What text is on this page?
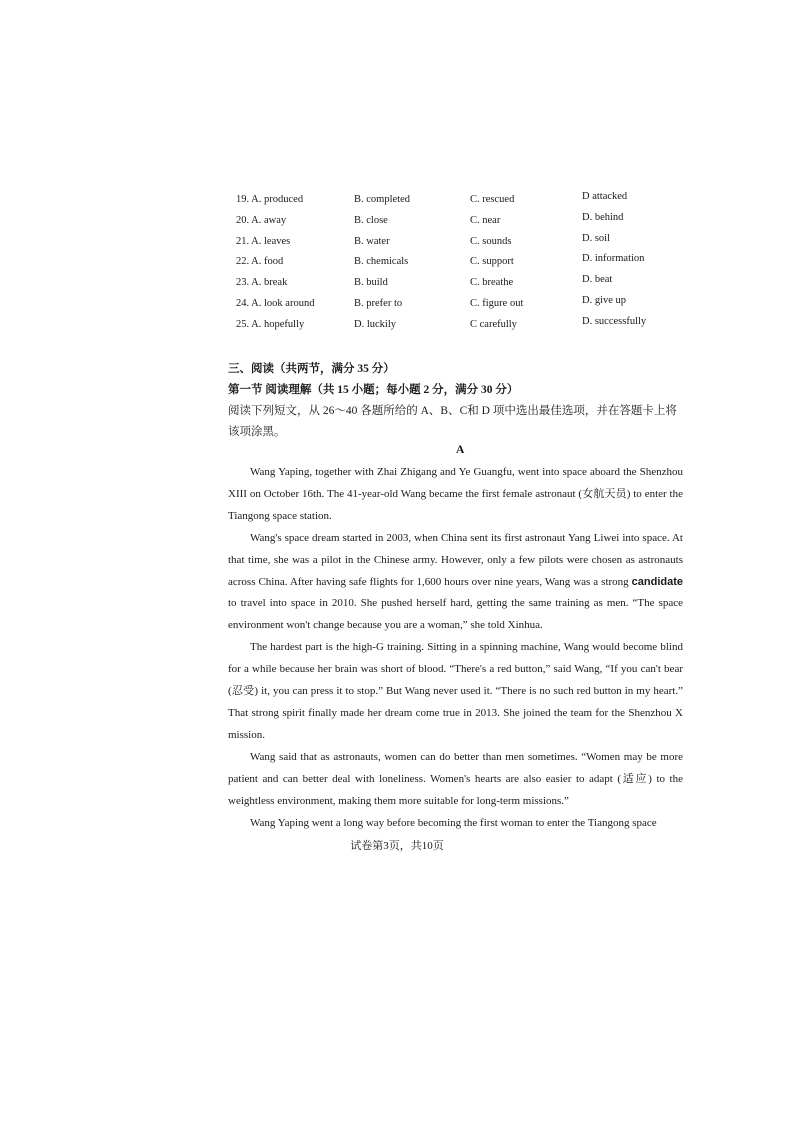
19. A. produced	B. completed	C. rescued	D attacked
20. A. away	B. close	C. near	D. behind
21. A. leaves	B. water	C. sounds	D. soil
22. A. food	B. chemicals	C. support	D. information
23. A. break	B. build	C. breathe	D. beat
24. A. look around	B. prefer to	C. figure out	D. give up
25. A. hopefully	D. luckily	C carefully	D. successfully
三、阅读（共两节，满分 35 分）
第一节 阅读理解（共 15 小题；每小题 2 分，满分 30 分）
阅读下列短文，从 26～40 各题所给的 A、B、C和 D 项中选出最佳选项，并在答题卡上将该项涂黑。
A

Wang Yaping, together with Zhai Zhigang and Ye Guangfu, went into space aboard the Shenzhou XIII on October 16th. The 41-year-old Wang became the first female astronaut (女航天员) to enter the Tiangong space station.

Wang's space dream started in 2003, when China sent its first astronaut Yang Liwei into space. At that time, she was a pilot in the Chinese army. However, only a few pilots were chosen as astronauts across China. After having safe flights for 1,600 hours over nine years, Wang was a strong candidate to travel into space in 2010. She pushed herself hard, getting the same training as men. “The space environment won't change because you are a woman,” she told Xinhua.

The hardest part is the high-G training. Sitting in a spinning machine, Wang would become blind for a while because her brain was short of blood. “There's a red button,” said Wang, “If you can't bear (忍受) it, you can press it to stop.” But Wang never used it. “There is no such red button in my heart.” That strong spirit finally made her dream come true in 2013. She joined the team for the Shenzhou X mission.

Wang said that as astronauts, women can do better than men sometimes. “Women may be more patient and can better deal with loneliness. Women's hearts are also easier to adapt (适应) to the weightless environment, making them more suitable for long-term missions.”

Wang Yaping went a long way before becoming the first woman to enter the Tiangong space

试卷第3页，共10页
